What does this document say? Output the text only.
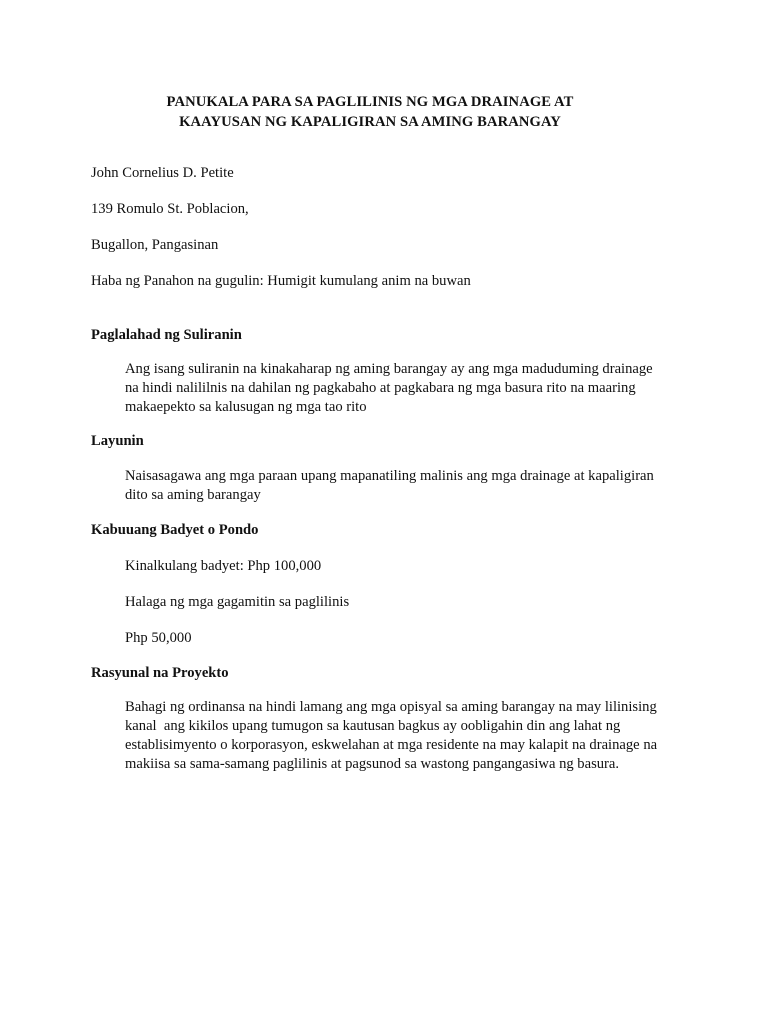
PANUKALA PARA SA PAGLILINIS NG MGA DRAINAGE AT
KAAYUSAN NG KAPALIGIRAN SA AMING BARANGAY
John Cornelius D. Petite
139 Romulo St. Poblacion,
Bugallon, Pangasinan
Haba ng Panahon na gugulin: Humigit kumulang anim na buwan
Paglalahad ng Suliranin
Ang isang suliranin na kinakaharap ng aming barangay ay ang mga maduduming drainage na hindi nalililnis na dahilan ng pagkabaho at pagkabara ng mga basura rito na maaring makaepekto sa kalusugan ng mga tao rito
Layunin
Naisasagawa ang mga paraan upang mapanatiling malinis ang mga drainage at kapaligiran dito sa aming barangay
Kabuuang Badyet o Pondo
Kinalkulang badyet: Php 100,000
Halaga ng mga gagamitin sa paglilinis
Php 50,000
Rasyunal na Proyekto
Bahagi ng ordinansa na hindi lamang ang mga opisyal sa aming barangay na may lilinising kanal  ang kikilos upang tumugon sa kautusan bagkus ay oobligahin din ang lahat ng establisimyento o korporasyon, eskwelahan at mga residente na may kalapit na drainage na makiisa sa sama-samang paglilinis at pagsunod sa wastong pangangasiwa ng basura.
